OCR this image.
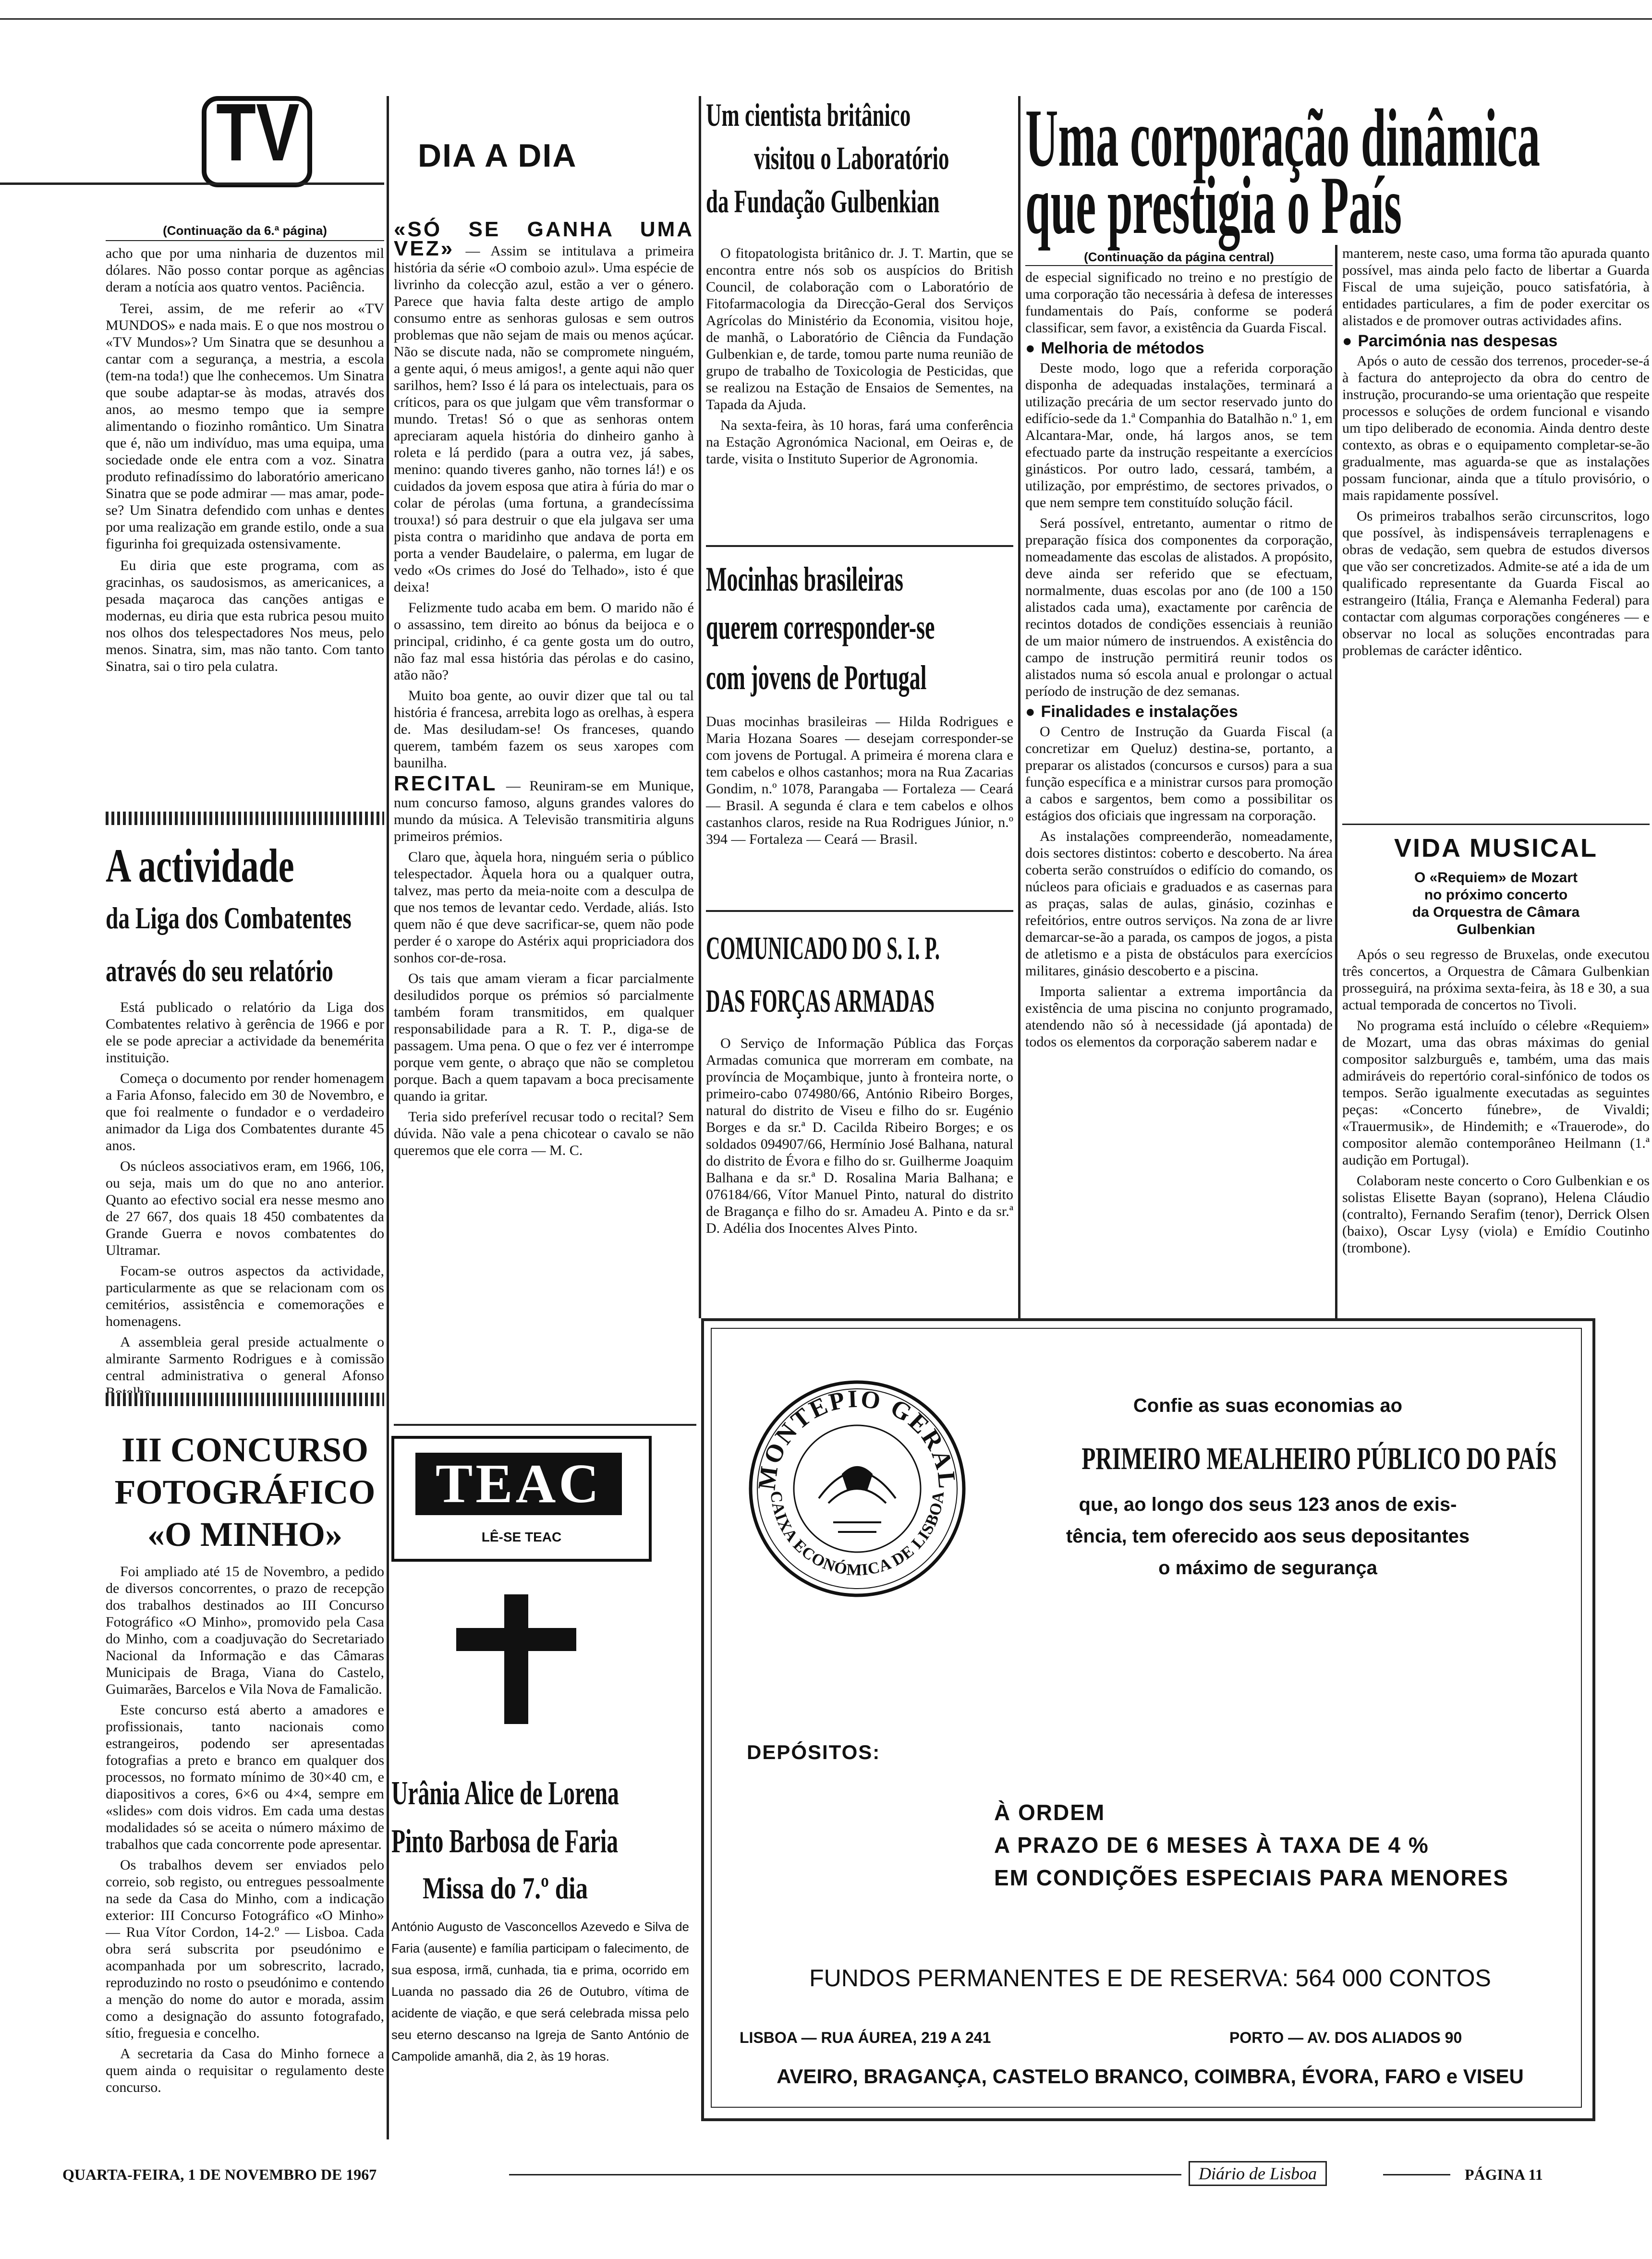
TV	DIA A DIA
(Continuação da 6.ª página)

acho que por uma ninharia de duzentos mil dólares. Não posso contar porque as agências deram a notícia aos quatro ventos. Paciência.

Terei, assim, de me referir ao «TV MUNDOS» e nada mais. E o que nos mostrou o «TV Mundos»? Um Sinatra que se desunhou a cantar com a segurança, a mestria, a escola (tem-na toda!) que lhe conhecemos. Um Sinatra que soube adaptar-se às modas, através dos anos, ao mesmo tempo que ia sempre alimentando o fiozinho romântico. Um Sinatra que é, não um indivíduo, mas uma equipa, uma sociedade onde ele entra com a voz. Sinatra produto refinadíssimo do laboratório americano Sinatra que se pode admirar — mas amar, pode-se? Um Sinatra defendido com unhas e dentes por uma realização em grande estilo, onde a sua figurinha foi grequizada ostensivamente.

Eu diria que este programa, com as gracinhas, os saudosismos, as americanices, a pesada maçaroca das canções antigas e modernas, eu diria que esta rubrica pesou muito nos olhos dos telespectadores Nos meus, pelo menos. Sinatra, sim, mas não tanto. Com tanto Sinatra, sai o tiro pela culatra.

A actividade
da Liga dos Combatentes
através do seu relatório

Está publicado o relatório da Liga dos Combatentes relativo à gerência de 1966 e por ele se pode apreciar a actividade da benemérita instituição.

Começa o documento por render homenagem a Faria Afonso, falecido em 30 de Novembro, e que foi realmente o fundador e o verdadeiro animador da Liga dos Combatentes durante 45 anos.

Os núcleos associativos eram, em 1966, 106, ou seja, mais um do que no ano anterior. Quanto ao efectivo social era nesse mesmo ano de 27 667, dos quais 18 450 combatentes da Grande Guerra e novos combatentes do Ultramar.

Focam-se outros aspectos da actividade, particularmente as que se relacionam com os cemitérios, assistência e comemorações e homenagens.

A assembleia geral preside actualmente o almirante Sarmento Rodrigues e à comissão central administrativa o general Afonso

III CONCURSO
FOTOGRÁFICO
«O MINHO»

Foi ampliado até 15 de Novembro, a pedido de diversos concorrentes, o prazo de recepção dos trabalhos destinados ao III Concurso Fotográfico «O Minho», promovido pela Casa do Minho, com a coadjuvação do Secretariado Nacional da Informação e das Câmaras Municipais de Braga, Viana do Castelo, Guimarães, Barcelos e Vila Nova de Famalicão.

Este concurso está aberto a amadores e profissionais, tanto nacionais como estrangeiros, podendo ser apresentadas fotografias a preto e branco em qualquer dos processos, no formato mínimo de 30×40 cm, e diapositivos a cores, 6×6 ou 4×4, sempre em «slides» com dois vidros. Em cada uma destas modalidades só se aceita o número máximo de trabalhos que cada concorrente pode apresentar.

Os trabalhos devem ser enviados pelo correio, sob registo, ou entregues pessoalmente na sede da Casa do Minho, com a indicação exterior: III Concurso Fotográfico «O Minho» — Rua Vítor Cordon, 14-2.º — Lisboa. Cada obra será subscrita por pseudónimo e acompanhada por um sobrescrito, lacrado, reproduzindo no rosto o pseudónimo e contendo a menção do nome do autor e morada, assim como a designação do assunto fotografado, sítio, freguesia e concelho.

A secretaria da Casa do Minho fornece a quem ainda o requisitar o regulamento deste concurso.

«SÓ SE GANHA UMA VEZ» — Assim se intitulava a primeira história da série «O comboio azul». Uma espécie de livrinho da colecção azul, estão a ver o género. Parece que havia falta deste artigo de amplo consumo entre as senhoras gulosas e sem outros problemas que não sejam de mais ou menos açúcar. Não se discute nada, não se compromete ninguém, a gente aqui, ó meus amigos!, a gente aqui não quer sarilhos, hem? Isso é lá para os intelectuais, para os críticos, para os que julgam que vêm transformar o mundo. Tretas! Só o que as senhoras ontem apreciaram aquela história do dinheiro ganho à roleta e lá perdido (para a outra vez, já sabes, menino: quando tiveres ganho, não tornes lá!) e os cuidados da jovem esposa que atira à fúria do mar o colar de pérolas (uma fortuna, a grandecíssima trouxa!) só para destruir o que ela julgava ser uma pista contra o maridinho que andava de porta em porta a vender Baudelaire, o palerma, em lugar de vedo «Os crimes do José do Telhado», isto é que deixa!

Felizmente tudo acaba em bem. O marido não é o assassino, tem direito ao bónus da beijoca e o principal, cridinho, é ca gente gosta um do outro, não faz mal essa história das pérolas e do casino, atão não?

Muito boa gente, ao ouvir dizer que tal ou tal história é francesa, arrebita logo as orelhas, à espera de. Mas desiludam-se! Os franceses, quando querem, também fazem os seus xaropes com baunilha.

RECITAL — Reuniram-se em Munique, num concurso famoso, alguns grandes valores do mundo da música. A Televisão transmitiria alguns primeiros prémios.

Claro que, àquela hora, ninguém seria o público telespectador. Àquela hora ou a qualquer outra, talvez, mas perto da meia-noite com a desculpa de que nos temos de levantar cedo. Verdade, aliás. Isto quem não é que deve sacrificar-se, quem não pode perder é o xarope do Astérix aqui propriciadora dos sonhos cor-de-rosa.

Os tais que amam vieram a ficar parcialmente desiludidos porque os prémios só parcialmente também foram transmitidos, em qualquer responsabilidade para a R. T. P., diga-se de passagem. Uma pena. O que o fez ver é interrompe porque vem gente, o abraço que não se completou porque. Bach a quem tapavam a boca precisamente quando ia gritar.

Teria sido preferível recusar todo o recital? Sem dúvida. Não vale a pena chicotear o cavalo se não queremos que ele corra — M. C.

TEAC
LÊ-SE TEAC
Urânia Alice de Lorena
Pinto Barbosa de Faria
Missa do 7.º dia
António Augusto de Vasconcellos Azevedo e Silva de Faria (ausente) e família participam o falecimento, de sua esposa, irmã, cunhada, tia e prima, ocorrido em Luanda no passado dia 26 de Outubro, vítima de acidente de viação, e que será celebrada missa pelo seu eterno descanso na Igreja de Santo António de Campolide amanhã, dia 2, às 19 horas.
Um cientista britânico
visitou o Laboratório
da Fundação Gulbenkian

O fitopatologista britânico dr. J. T. Martin, que se encontra entre nós sob os auspícios do British Council, de colaboração com o Laboratório de Fitofarmacologia da Direcção-Geral dos Serviços Agrícolas do Ministério da Economia, visitou hoje, de manhã, o Laboratório de Ciência da Fundação Gulbenkian e, de tarde, tomou parte numa reunião de grupo de trabalho de Toxicologia de Pesticidas, que se realizou na Estação de Ensaios de Sementes, na Tapada da Ajuda.

Na sexta-feira, às 10 horas, fará uma conferência na Estação Agronómica Nacional, em Oeiras e, de tarde, visita o Instituto Superior de Agronomia.

Mocinhas brasileiras
querem corresponder-se
com jovens de Portugal
Duas mocinhas brasileiras — Hilda Rodrigues e Maria Hozana Soares — desejam corresponder-se com jovens de Portugal. A primeira é morena clara e tem cabelos e olhos castanhos; mora na Rua Zacarias Gondim, n.º 1078, Parangaba — Fortaleza — Ceará — Brasil. A segunda é clara e tem cabelos e olhos castanhos claros, reside na Rua Rodrigues Júnior, n.º 394 — Fortaleza — Ceará — Brasil.
COMUNICADO DO S. I. P.
DAS FORÇAS ARMADAS
O Serviço de Informação Pública das Forças Armadas comunica que morreram em combate, na província de Moçambique, junto à fronteira norte, o primeiro-cabo 074980/66, António Ribeiro Borges, natural do distrito de Viseu e filho do sr. Eugénio Borges e da sr.ª D. Cacilda Ribeiro Borges; e os soldados 094907/66, Hermínio José Balhana, natural do distrito de Évora e filho do sr. Guilherme Joaquim Balhana e da sr.ª D. Rosalina Maria Balhana; e 076184/66, Vítor Manuel Pinto, natural do distrito de Bragança e filho do sr. Amadeu A. Pinto e da sr.ª D. Adélia dos Inocentes Alves Pinto.
Uma corporação dinâmica
que prestigia o País
(Continuação da página central)

de especial significado no treino e no prestígio de uma corporação tão necessária à defesa de interesses fundamentais do País, conforme se poderá classificar, sem favor, a existência da Guarda Fiscal.

● Melhoria de métodos

Deste modo, logo que a referida corporação disponha de adequadas instalações, terminará a utilização precária de um sector reservado junto do edifício-sede da 1.ª Companhia do Batalhão n.º 1, em Alcantara-Mar, onde, há largos anos, se tem efectuado parte da instrução respeitante a exercícios ginásticos. Por outro lado, cessará, também, a utilização, por empréstimo, de sectores privados, o que nem sempre tem constituído solução fácil.

Será possível, entretanto, aumentar o ritmo de preparação física dos componentes da corporação, nomeadamente das escolas de alistados. A propósito, deve ainda ser referido que se efectuam, normalmente, duas escolas por ano (de 100 a 150 alistados cada uma), exactamente por carência de recintos dotados de condições essenciais à reunião de um maior número de instruendos. A existência do campo de instrução permitirá reunir todos os alistados numa só escola anual e prolongar o actual período de instrução de dez semanas.

● Finalidades e instalações

O Centro de Instrução da Guarda Fiscal (a concretizar em Queluz) destina-se, portanto, a preparar os alistados (concursos e cursos) para a sua função específica e a ministrar cursos para promoção a cabos e sargentos, bem como a possibilitar os estágios dos oficiais que ingressam na corporação.

As instalações compreenderão, nomeadamente, dois sectores distintos: coberto e descoberto. Na área coberta serão construídos o edifício do comando, os núcleos para oficiais e graduados e as casernas para as praças, salas de aulas, ginásio, cozinhas e refeitórios, entre outros serviços. Na zona de ar livre demarcar-se-ão a parada, os campos de jogos, a pista de atletismo e a pista de obstáculos para exercícios militares, ginásio descoberto e a piscina.

Importa salientar a extrema importância da existência de uma piscina no conjunto programado, atendendo não só à necessidade (já apontada) de todos os elementos da corporação saberem nadar e

manterem, neste caso, uma forma tão apurada quanto possível, mas ainda pelo facto de libertar a Guarda Fiscal de uma sujeição, pouco satisfatória, à entidades particulares, a fim de poder exercitar os alistados e de promover outras actividades afins.

● Parcimónia nas despesas

Após o auto de cessão dos terrenos, proceder-se-á à factura do anteprojecto da obra do centro de instrução, procurando-se uma orientação que respeite processos e soluções de ordem funcional e visando um tipo deliberado de economia. Ainda dentro deste contexto, as obras e o equipamento completar-se-ão gradualmente, mas aguarda-se que as instalações possam funcionar, ainda que a título provisório, o mais rapidamente possível.

Os primeiros trabalhos serão circunscritos, logo que possível, às indispensáveis terraplenagens e obras de vedação, sem quebra de estudos diversos que vão ser concretizados. Admite-se até a ida de um qualificado representante da Guarda Fiscal ao estrangeiro (Itália, França e Alemanha Federal) para contactar com algumas corporações congéneres — e observar no local as soluções encontradas para problemas de carácter idêntico.

VIDA MUSICAL
O «Requiem» de Mozart
no próximo concerto
da Orquestra de Câmara
Gulbenkian

Após o seu regresso de Bruxelas, onde executou três concertos, a Orquestra de Câmara Gulbenkian prosseguirá, na próxima sexta-feira, às 18 e 30, a sua actual temporada de concertos no Tivoli.

No programa está incluído o célebre «Requiem» de Mozart, uma das obras máximas do genial compositor salzburguês e, também, uma das mais admiráveis do repertório coral-sinfónico de todos os tempos. Serão igualmente executadas as seguintes peças: «Concerto fúnebre», de Vivaldi; «Trauermusik», de Hindemith; e «Trauerode», do compositor alemão contemporâneo Heilmann (1.ª audição em Portugal).

Colaboram neste concerto o Coro Gulbenkian e os solistas Elisette Bayan (soprano), Helena Cláudio (contralto), Fernando Serafim (tenor), Derrick Olsen (baixo), Oscar Lysy (viola) e Emídio Coutinho (trombone).

MONTEPIO GERAL
CAIXA ECONÓMICA DE LISBOA
Confie as suas economias ao
PRIMEIRO MEALHEIRO PÚBLICO DO PAÍS
que, ao longo dos seus 123 anos de exis-
tência, tem oferecido aos seus depositantes
o máximo de segurança
DEPÓSITOS:
À ORDEM
A PRAZO DE 6 MESES À TAXA DE 4 %
EM CONDIÇÕES ESPECIAIS PARA MENORES
FUNDOS PERMANENTES E DE RESERVA: 564 000 CONTOS
LISBOA — RUA ÁUREA, 219 A 241	PORTO — AV. DOS ALIADOS 90
AVEIRO, BRAGANÇA, CASTELO BRANCO, COIMBRA, ÉVORA, FARO e VISEU
QUARTA-FEIRA, 1 DE NOVEMBRO DE 1967	Diário de Lisboa	PÁGINA 11
